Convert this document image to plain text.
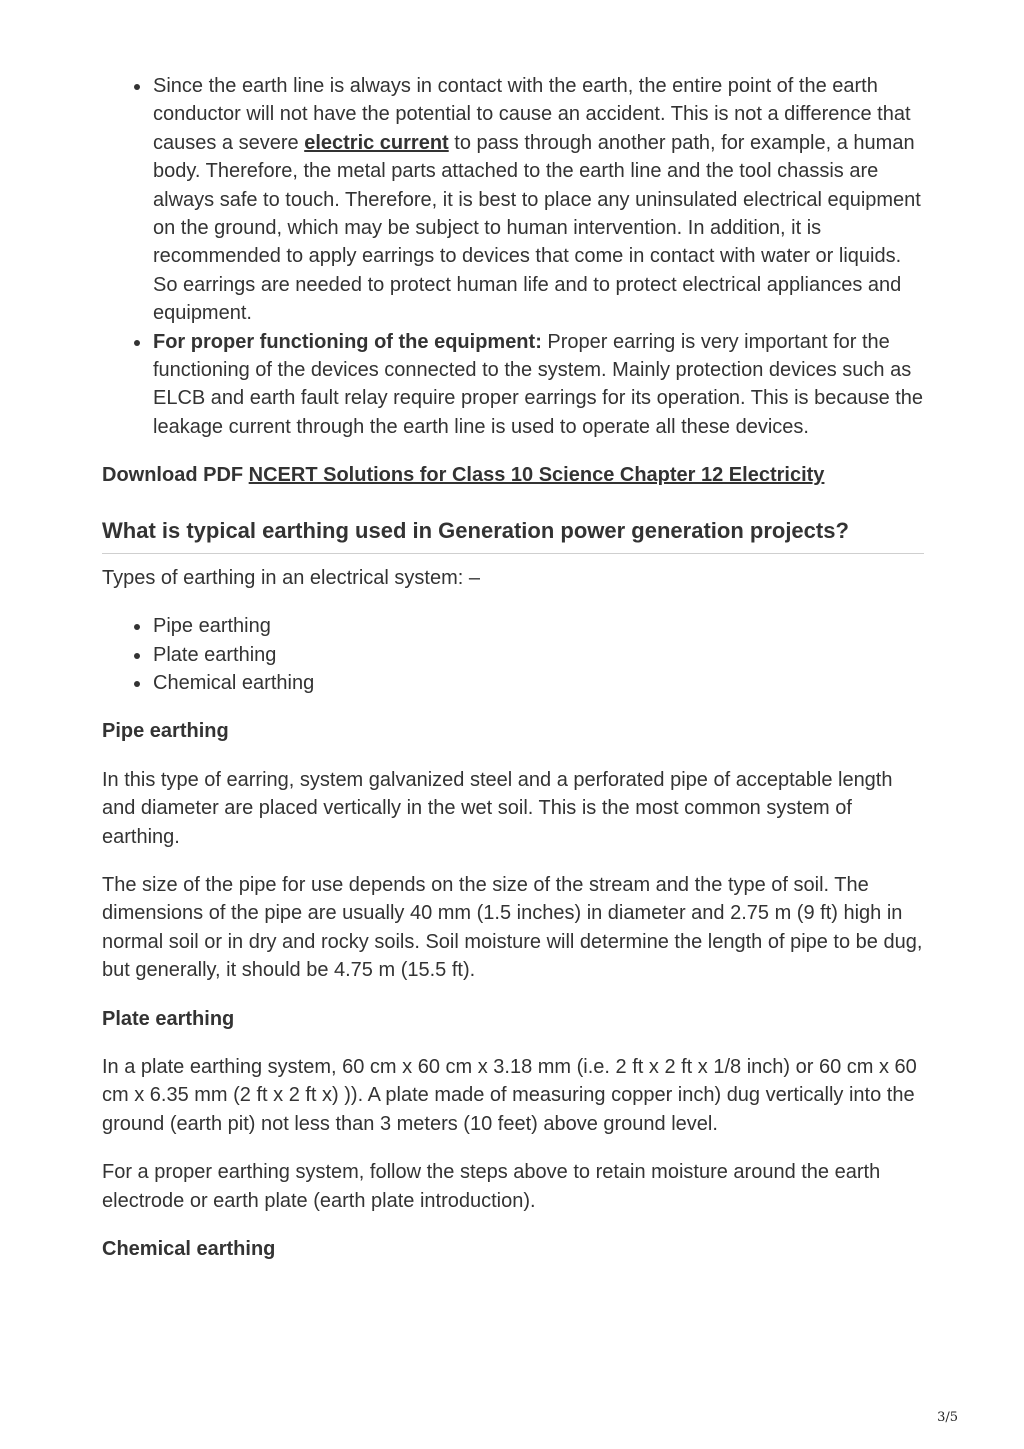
Since the earth line is always in contact with the earth, the entire point of the earth conductor will not have the potential to cause an accident. This is not a difference that causes a severe electric current to pass through another path, for example, a human body. Therefore, the metal parts attached to the earth line and the tool chassis are always safe to touch. Therefore, it is best to place any uninsulated electrical equipment on the ground, which may be subject to human intervention. In addition, it is recommended to apply earrings to devices that come in contact with water or liquids. So earrings are needed to protect human life and to protect electrical appliances and equipment.
For proper functioning of the equipment: Proper earring is very important for the functioning of the devices connected to the system. Mainly protection devices such as ELCB and earth fault relay require proper earrings for its operation. This is because the leakage current through the earth line is used to operate all these devices.

Download PDF NCERT Solutions for Class 10 Science Chapter 12 Electricity

What is typical earthing used in Generation power generation projects?

Types of earthing in an electrical system: –

Pipe earthing
Plate earthing
Chemical earthing
Pipe earthing

In this type of earring, system galvanized steel and a perforated pipe of acceptable length and diameter are placed vertically in the wet soil. This is the most common system of earthing.

The size of the pipe for use depends on the size of the stream and the type of soil. The dimensions of the pipe are usually 40 mm (1.5 inches) in diameter and 2.75 m (9 ft) high in normal soil or in dry and rocky soils. Soil moisture will determine the length of pipe to be dug, but generally, it should be 4.75 m (15.5 ft).

Plate earthing

In a plate earthing system, 60 cm x 60 cm x 3.18 mm (i.e. 2 ft x 2 ft x 1/8 inch) or 60 cm x 60 cm x 6.35 mm (2 ft x 2 ft x) )). A plate made of measuring copper inch) dug vertically into the ground (earth pit) not less than 3 meters (10 feet) above ground level.

For a proper earthing system, follow the steps above to retain moisture around the earth electrode or earth plate (earth plate introduction).

Chemical earthing
3/5
